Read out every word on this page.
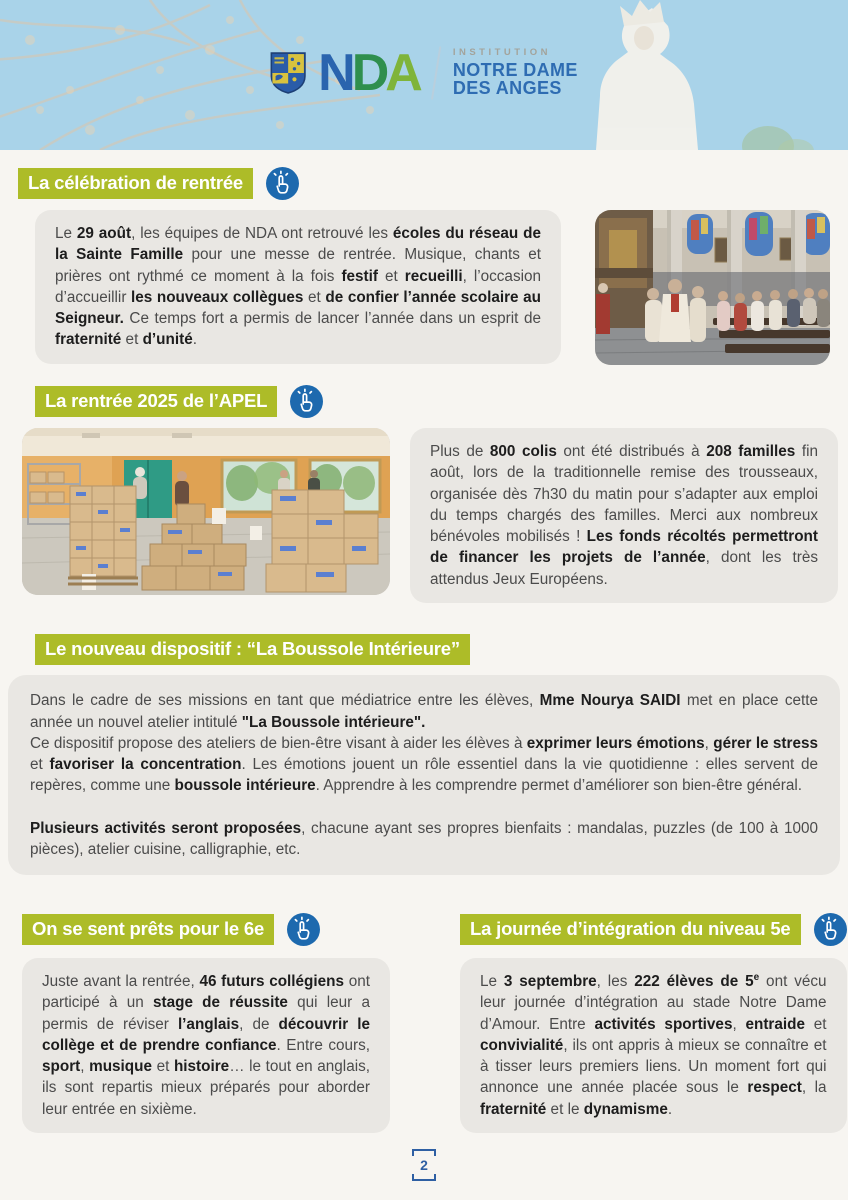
NDA	INSTITUTION
NOTRE DAME
DES ANGES
La célébration de rentrée

Le 29 août, les équipes de NDA ont retrouvé les écoles du réseau de la Sainte Famille pour une messe de rentrée. Musique, chants et prières ont rythmé ce moment à la fois festif et recueilli, l’occasion d’accueillir les nouveaux collègues et de confier l’année scolaire au Seigneur. Ce temps fort a permis de lancer l’année dans un esprit de fraternité et d’unité.

La rentrée 2025 de l’APEL

Plus de 800 colis ont été distribués à 208 familles fin août, lors de la traditionnelle remise des trousseaux, organisée dès 7h30 du matin pour s’adapter aux emploi du temps chargés des familles. Merci aux nombreux bénévoles mobilisés ! Les fonds récoltés permettront de financer les projets de l’année, dont les très attendus Jeux Européens.

Le nouveau dispositif : “La Boussole Intérieure”

Dans le cadre de ses missions en tant que médiatrice entre les élèves, Mme Nourya SAIDI met en place cette année un nouvel atelier intitulé "La Boussole intérieure".

Ce dispositif propose des ateliers de bien-être visant à aider les élèves à exprimer leurs émotions, gérer le stress et favoriser la concentration. Les émotions jouent un rôle essentiel dans la vie quotidienne : elles servent de repères, comme une boussole intérieure. Apprendre à les comprendre permet d’améliorer son bien-être général.

Plusieurs activités seront proposées, chacune ayant ses propres bienfaits : mandalas, puzzles (de 100 à 1000 pièces), atelier cuisine, calligraphie, etc.

On se sent prêts pour le 6e

Juste avant la rentrée, 46 futurs collégiens ont participé à un stage de réussite qui leur a permis de réviser l’anglais, de découvrir le collège et de prendre confiance. Entre cours, sport, musique et histoire… le tout en anglais, ils sont repartis mieux préparés pour aborder leur entrée en sixième.

La journée d’intégration du niveau 5e

Le 3 septembre, les 222 élèves de 5e ont vécu leur journée d’intégration au stade Notre Dame d’Amour. Entre activités sportives, entraide et convivialité, ils ont appris à mieux se connaître et à tisser leurs premiers liens. Un moment fort qui annonce une année placée sous le respect, la fraternité et le dynamisme.

2
